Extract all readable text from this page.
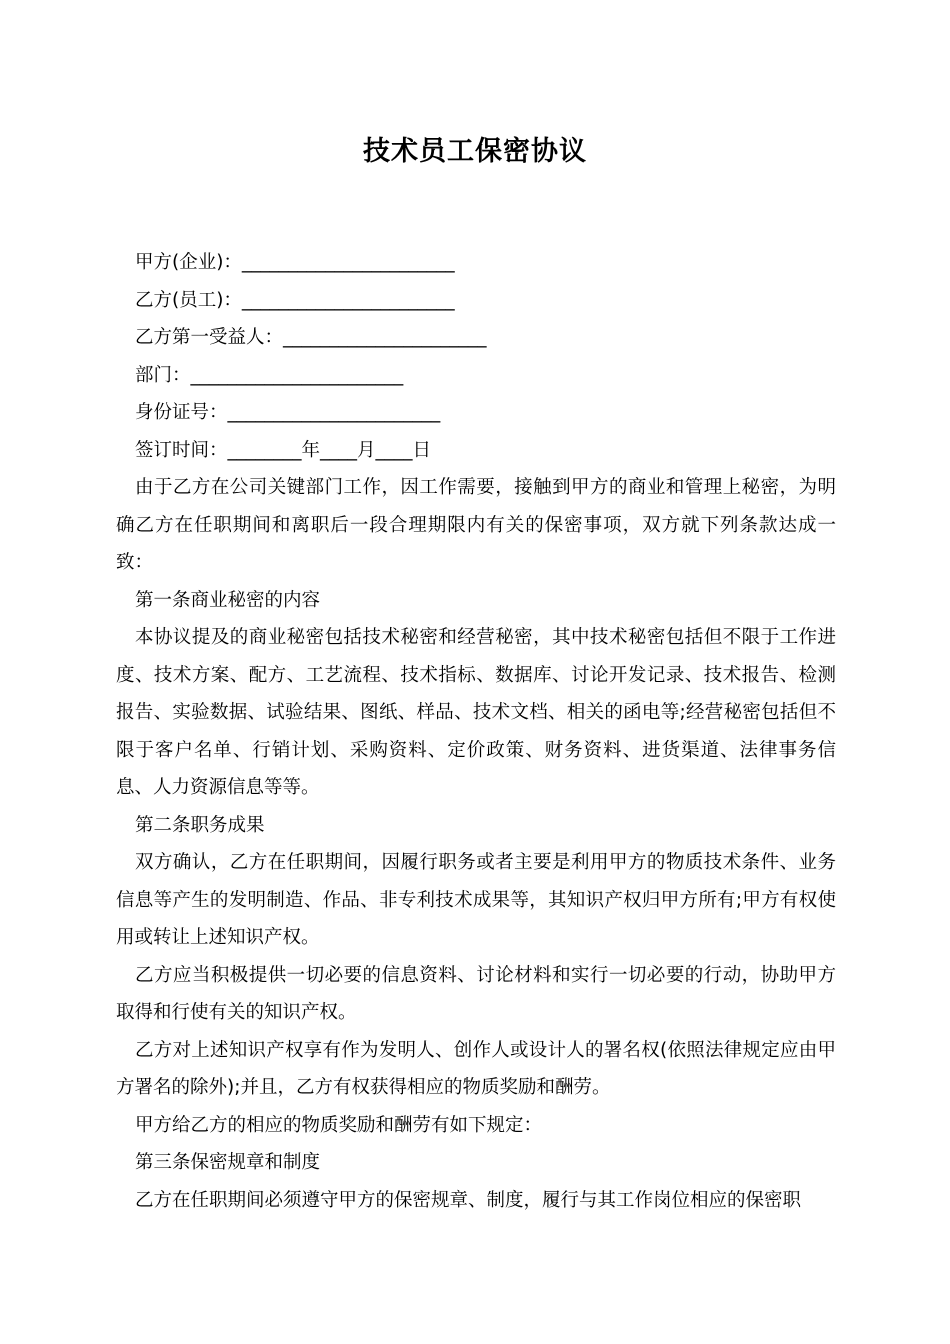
技术员工保密协议
甲方(企业)：_______________________
乙方(员工)：_______________________
乙方第一受益人：______________________
部门：_______________________
身份证号：_______________________
签订时间：________年____月____日

由于乙方在公司关键部门工作，因工作需要，接触到甲方的商业和管理上秘密，为明确乙方在任职期间和离职后一段合理期限内有关的保密事项，双方就下列条款达成一致：

第一条商业秘密的内容

本协议提及的商业秘密包括技术秘密和经营秘密，其中技术秘密包括但不限于工作进度、技术方案、配方、工艺流程、技术指标、数据库、讨论开发记录、技术报告、检测报告、实验数据、试验结果、图纸、样品、技术文档、相关的函电等;经营秘密包括但不限于客户名单、行销计划、采购资料、定价政策、财务资料、进货渠道、法律事务信息、人力资源信息等等。

第二条职务成果

双方确认，乙方在任职期间，因履行职务或者主要是利用甲方的物质技术条件、业务信息等产生的发明制造、作品、非专利技术成果等，其知识产权归甲方所有;甲方有权使用或转让上述知识产权。

乙方应当积极提供一切必要的信息资料、讨论材料和实行一切必要的行动，协助甲方取得和行使有关的知识产权。

乙方对上述知识产权享有作为发明人、创作人或设计人的署名权(依照法律规定应由甲方署名的除外);并且，乙方有权获得相应的物质奖励和酬劳。

甲方给乙方的相应的物质奖励和酬劳有如下规定：
第三条保密规章和制度
乙方在任职期间必须遵守甲方的保密规章、制度，履行与其工作岗位相应的保密职
